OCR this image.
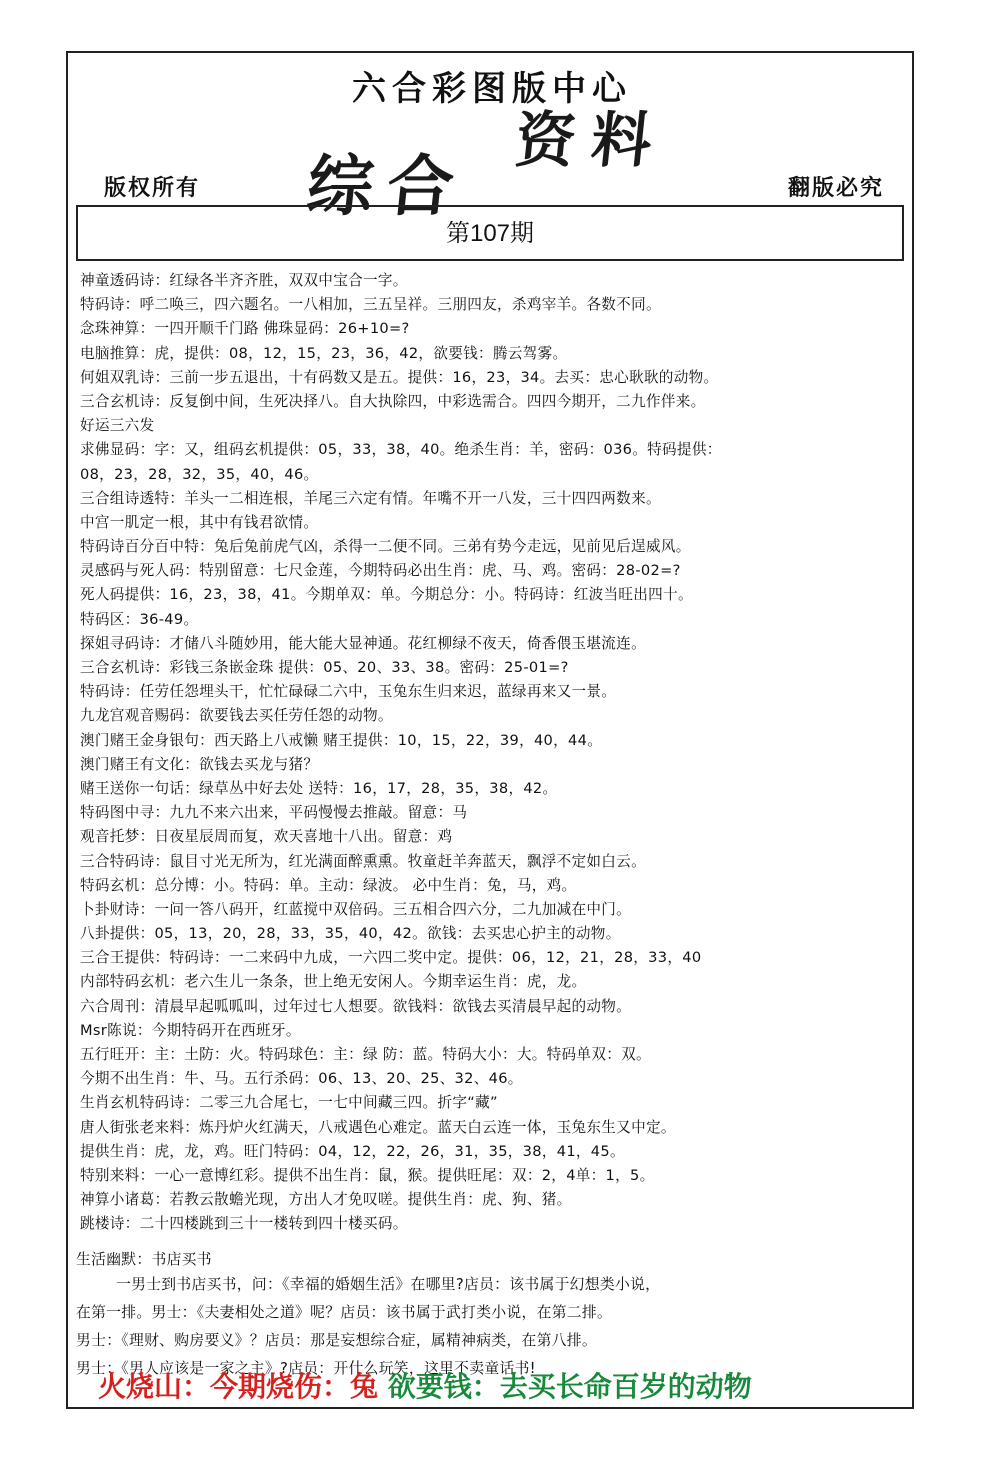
六合彩图版中心
资料
综合
版权所有	翻版必究
第107期
神童透码诗：红绿各半齐齐胜，双双中宝合一字。
特码诗：呼二唤三，四六题名。一八相加，三五呈祥。三朋四友，杀鸡宰羊。各数不同。
念珠神算：一四开顺千门路 佛珠显码：26+10=?
电脑推算：虎，提供：08，12，15，23，36，42，欲要钱：腾云驾雾。
何姐双乳诗：三前一步五退出，十有码数又是五。提供：16，23，34。去买：忠心耿耿的动物。
三合玄机诗：反复倒中间，生死决择八。自大执除四，中彩选需合。四四今期开，二九作伴来。
好运三六发
求佛显码：字：又，组码玄机提供：05，33，38，40。绝杀生肖：羊，密码：036。特码提供：
08，23，28，32，35，40，46。
三合组诗透特：羊头一二相连根，羊尾三六定有情。年嘴不开一八发，三十四四两数来。
中宫一肌定一根，其中有钱君欲情。
特码诗百分百中特：兔后兔前虎气凶，杀得一二便不同。三弟有势今走远，见前见后逞威风。
灵感码与死人码：特别留意：七尺金莲，今期特码必出生肖：虎、马、鸡。密码：28-02=?
死人码提供：16，23，38，41。今期单双：单。今期总分：小。特码诗：红波当旺出四十。
特码区：36-49。
探姐寻码诗：才储八斗随妙用，能大能大显神通。花红柳绿不夜天，倚香偎玉堪流连。
三合玄机诗：彩钱三条嵌金珠 提供：05、20、33、38。密码：25-01=?
特码诗：任劳任怨埋头干，忙忙碌碌二六中，玉兔东生归来迟，蓝绿再来又一景。
九龙宫观音赐码：欲要钱去买任劳任怨的动物。
澳门赌王金身银句：西天路上八戒懒 赌王提供：10，15，22，39，40，44。
澳门赌王有文化：欲钱去买龙与猪？
赌王送你一句话：绿草丛中好去处 送特：16，17，28，35，38，42。
特码图中寻：九九不来六出来，平码慢慢去推敲。留意：马
观音托梦：日夜星辰周而复，欢天喜地十八出。留意：鸡
三合特码诗：鼠目寸光无所为，红光满面醉熏熏。牧童赶羊奔蓝天，飘浮不定如白云。
特码玄机：总分博：小。特码：单。主动：绿波。 必中生肖：兔，马，鸡。
卜卦财诗：一问一答八码开，红蓝搅中双倍码。三五相合四六分，二九加减在中门。
八卦提供：05，13，20，28，33，35，40，42。欲钱：去买忠心护主的动物。
三合王提供：特码诗：一二来码中九成，一六四二奖中定。提供：06，12，21，28，33，40
内部特码玄机：老六生儿一条条，世上绝无安闲人。今期幸运生肖：虎，龙。
六合周刊：清晨早起呱呱叫，过年过七人想要。欲钱料：欲钱去买清晨早起的动物。
Msr陈说：今期特码开在西班牙。
五行旺开：主：土防：火。特码球色：主：绿 防：蓝。特码大小：大。特码单双：双。
今期不出生肖：牛、马。五行杀码：06、13、20、25、32、46。
生肖玄机特码诗：二零三九合尾七，一七中间藏三四。折字“藏”
唐人街张老来料：炼丹炉火红满天，八戒遇色心难定。蓝天白云连一体，玉兔东生又中定。
提供生肖：虎，龙，鸡。旺门特码：04，12，22，26，31，35，38，41，45。
特别来料：一心一意博红彩。提供不出生肖：鼠，猴。提供旺尾：双：2，4单：1，5。
神算小诸葛：若教云散蟾光现，方出人才免叹嗟。提供生肖：虎、狗、猪。
跳楼诗：二十四楼跳到三十一楼转到四十楼买码。
生活幽默：书店买书
一男士到书店买书，问：《幸福的婚姻生活》在哪里?店员：该书属于幻想类小说，
在第一排。男士：《夫妻相处之道》呢？店员：该书属于武打类小说，在第二排。
男士：《理财、购房要义》？店员：那是妄想综合症，属精神病类，在第八排。
男士：《男人应该是一家之主》?店员：开什么玩笑，这里不卖童话书!
火烧山：今期烧伤：兔 欲要钱：去买长命百岁的动物
